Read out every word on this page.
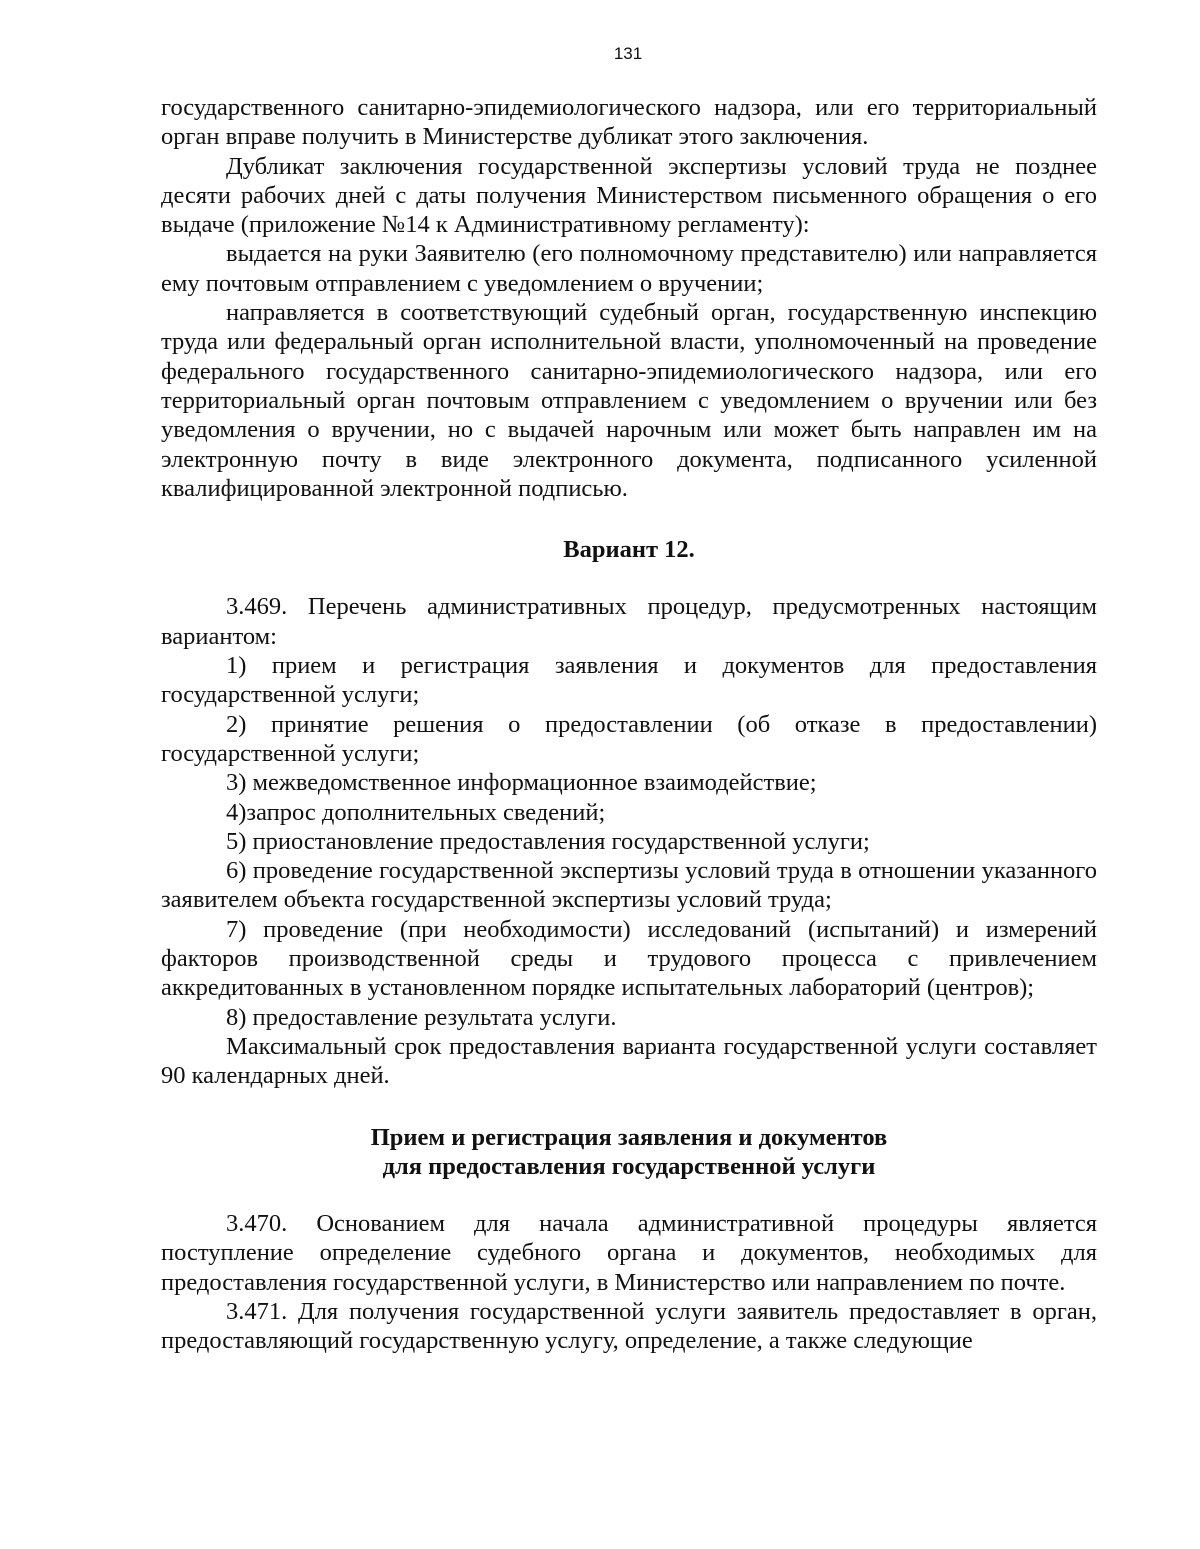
131

государственного санитарно-эпидемиологического надзора, или его территориальный орган вправе получить в Министерстве дубликат этого заключения.

Дубликат заключения государственной экспертизы условий труда не позднее десяти рабочих дней с даты получения Министерством письменного обращения о его выдаче (приложение №14 к Административному регламенту):

выдается на руки Заявителю (его полномочному представителю) или направляется ему почтовым отправлением с уведомлением о вручении;

направляется в соответствующий судебный орган, государственную инспекцию труда или федеральный орган исполнительной власти, уполномоченный на проведение федерального государственного санитарно-эпидемиологического надзора, или его территориальный орган почтовым отправлением с уведомлением о вручении или без уведомления о вручении, но с выдачей нарочным или может быть направлен им на электронную почту в виде электронного документа, подписанного усиленной квалифицированной электронной подписью.

Вариант 12.

3.469. Перечень административных процедур, предусмотренных настоящим вариантом:

1) прием и регистрация заявления и документов для предоставления государственной услуги;

2) принятие решения о предоставлении (об отказе в предоставлении) государственной услуги;

3) межведомственное информационное взаимодействие;

4)запрос дополнительных сведений;

5) приостановление предоставления государственной услуги;

6) проведение государственной экспертизы условий труда в отношении указанного заявителем объекта государственной экспертизы условий труда;

7) проведение (при необходимости) исследований (испытаний) и измерений факторов производственной среды и трудового процесса с привлечением аккредитованных в установленном порядке испытательных лабораторий (центров);

8) предоставление результата услуги.

Максимальный срок предоставления варианта государственной услуги составляет 90 календарных дней.

Прием и регистрация заявления и документов
для предоставления государственной услуги

3.470. Основанием для начала административной процедуры является поступление определение судебного органа и документов, необходимых для предоставления государственной услуги, в Министерство или направлением по почте.

3.471. Для получения государственной услуги заявитель предоставляет в орган, предоставляющий государственную услугу, определение, а также следующие
